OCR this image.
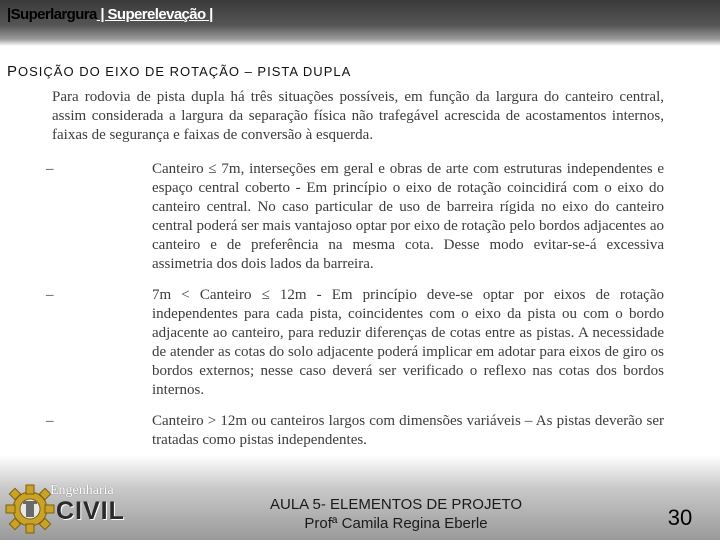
|Superlargura | Superelevação |
POSIÇÃO DO EIXO DE ROTAÇÃO – PISTA DUPLA

Para rodovia de pista dupla há três situações possíveis, em função da largura do canteiro central, assim considerada a largura da separação física não trafegável acrescida de acostamentos internos, faixas de segurança e faixas de conversão à esquerda.

–	Canteiro ≤ 7m, interseções em geral e obras de arte com estruturas independentes e espaço central coberto - Em princípio o eixo de rotação coincidirá com o eixo do canteiro central. No caso particular de uso de barreira rígida no eixo do canteiro central poderá ser mais vantajoso optar por eixo de rotação pelo bordos adjacentes ao canteiro e de preferência na mesma cota. Desse modo evitar-se-á excessiva assimetria dos dois lados da barreira.

–	7m < Canteiro ≤ 12m - Em princípio deve-se optar por eixos de rotação independentes para cada pista, coincidentes com o eixo da pista ou com o bordo adjacente ao canteiro, para reduzir diferenças de cotas entre as pistas. A necessidade de atender as cotas do solo adjacente poderá implicar em adotar para eixos de giro os bordos externos; nesse caso deverá ser verificado o reflexo nas cotas dos bordos internos.

–	Canteiro > 12m ou canteiros largos com dimensões variáveis – As pistas deverão ser tratadas como pistas independentes.

Engenharia
CIVIL	AULA 5- ELEMENTOS DE PROJETO
Profª Camila Regina Eberle	30
